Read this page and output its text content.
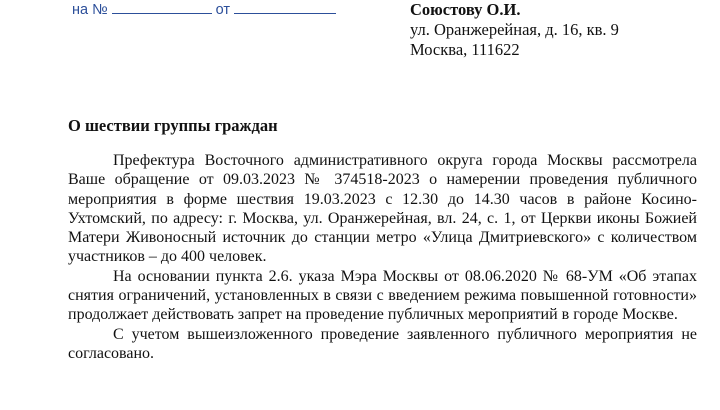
на №	от	Союстову О.И.
ул. Оранжерейная, д. 16, кв. 9
Москва, 111622
О шествии группы граждан

Префектура Восточного административного округа города Москвы рассмотрела Ваше обращение от 09.03.2023 № 374518-2023 о намерении проведения публичного мероприятия в форме шествия 19.03.2023 с 12.30 до 14.30 часов в районе Косино-Ухтомский, по адресу: г. Москва, ул. Оранжерейная, вл. 24, с. 1, от Церкви иконы Божией Матери Живоносный источник до станции метро «Улица Дмитриевского» с количеством участников – до 400 человек.

На основании пункта 2.6. указа Мэра Москвы от 08.06.2020 № 68-УМ «Об этапах снятия ограничений, установленных в связи с введением режима повышенной готовности» продолжает действовать запрет на проведение публичных мероприятий в городе Москве.

С учетом вышеизложенного проведение заявленного публичного мероприятия не согласовано.
